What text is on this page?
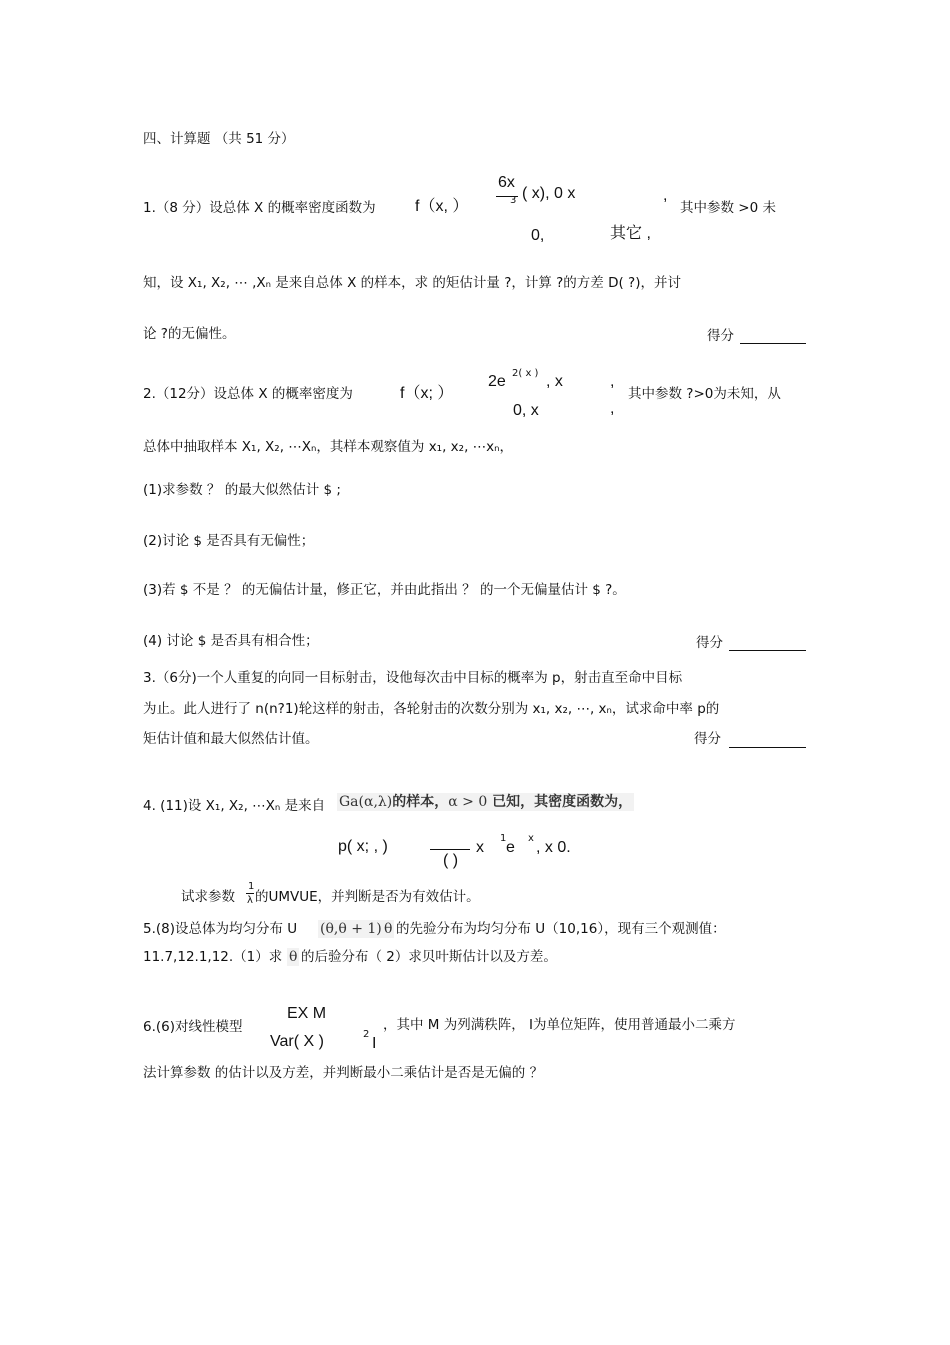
四、计算题 （共 51 分）
1.（8 分）设总体 X 的概率密度函数为 f（x, ）
6x
3 ( x), 0 x	,
0,	其它 ,
其中参数 >0 未
知，设 X₁, X₂, ⋯ ,Xₙ 是来自总体 X 的样本，求 的矩估计量 ?，计算 ?的方差 D( ?)，并讨
论 ?的无偏性。	得分
2.（12分）设总体 X 的概率密度为	f（x; ）
2e 2( x ) , x	,
0, x	,
其中参数 ?>0为未知，从
总体中抽取样本 X₁, X₂, ⋯Xₙ，其样本观察值为 x₁, x₂, ⋯xₙ，
(1)求参数 ？ 的最大似然估计 $ ;
(2)讨论 $ 是否具有无偏性；
(3)若 $ 不是 ？ 的无偏估计量，修正它，并由此指出 ？ 的一个无偏量估计 $ ?。
(4) 讨论 $ 是否具有相合性；	得分
3.（6分)一个人重复的向同一目标射击，设他每次击中目标的概率为 p，射击直至命中目标
为止。此人进行了 n(n?1)轮这样的射击，各轮射击的次数分别为 x₁, x₂, ⋯, xₙ，试求命中率 p的
矩估计值和最大似然估计值。	得分
4. (11)设 X₁, X₂, ⋯Xₙ 是来自 Ga(α,λ)的样本，α > 0 已知，其密度函数为，
p( x; , )
( )
x
1
e
x
, x 0.
试求参数
1
λ 的UMVUE，并判断是否为有效估计。
5.(8)设总体为均匀分布 U (θ,θ + 1) θ 的先验分布为均匀分布 U（10,16），现有三个观测值：
11.7,12.1,12.（1）求 θ 的后验分布（ 2）求贝叶斯估计以及方差。
6.(6)对线性模型
EX M
Var( X )	2
I
，其中 M 为列满秩阵， I为单位矩阵，使用普通最小二乘方
法计算参数 的估计以及方差，并判断最小二乘估计是否是无偏的 ？
